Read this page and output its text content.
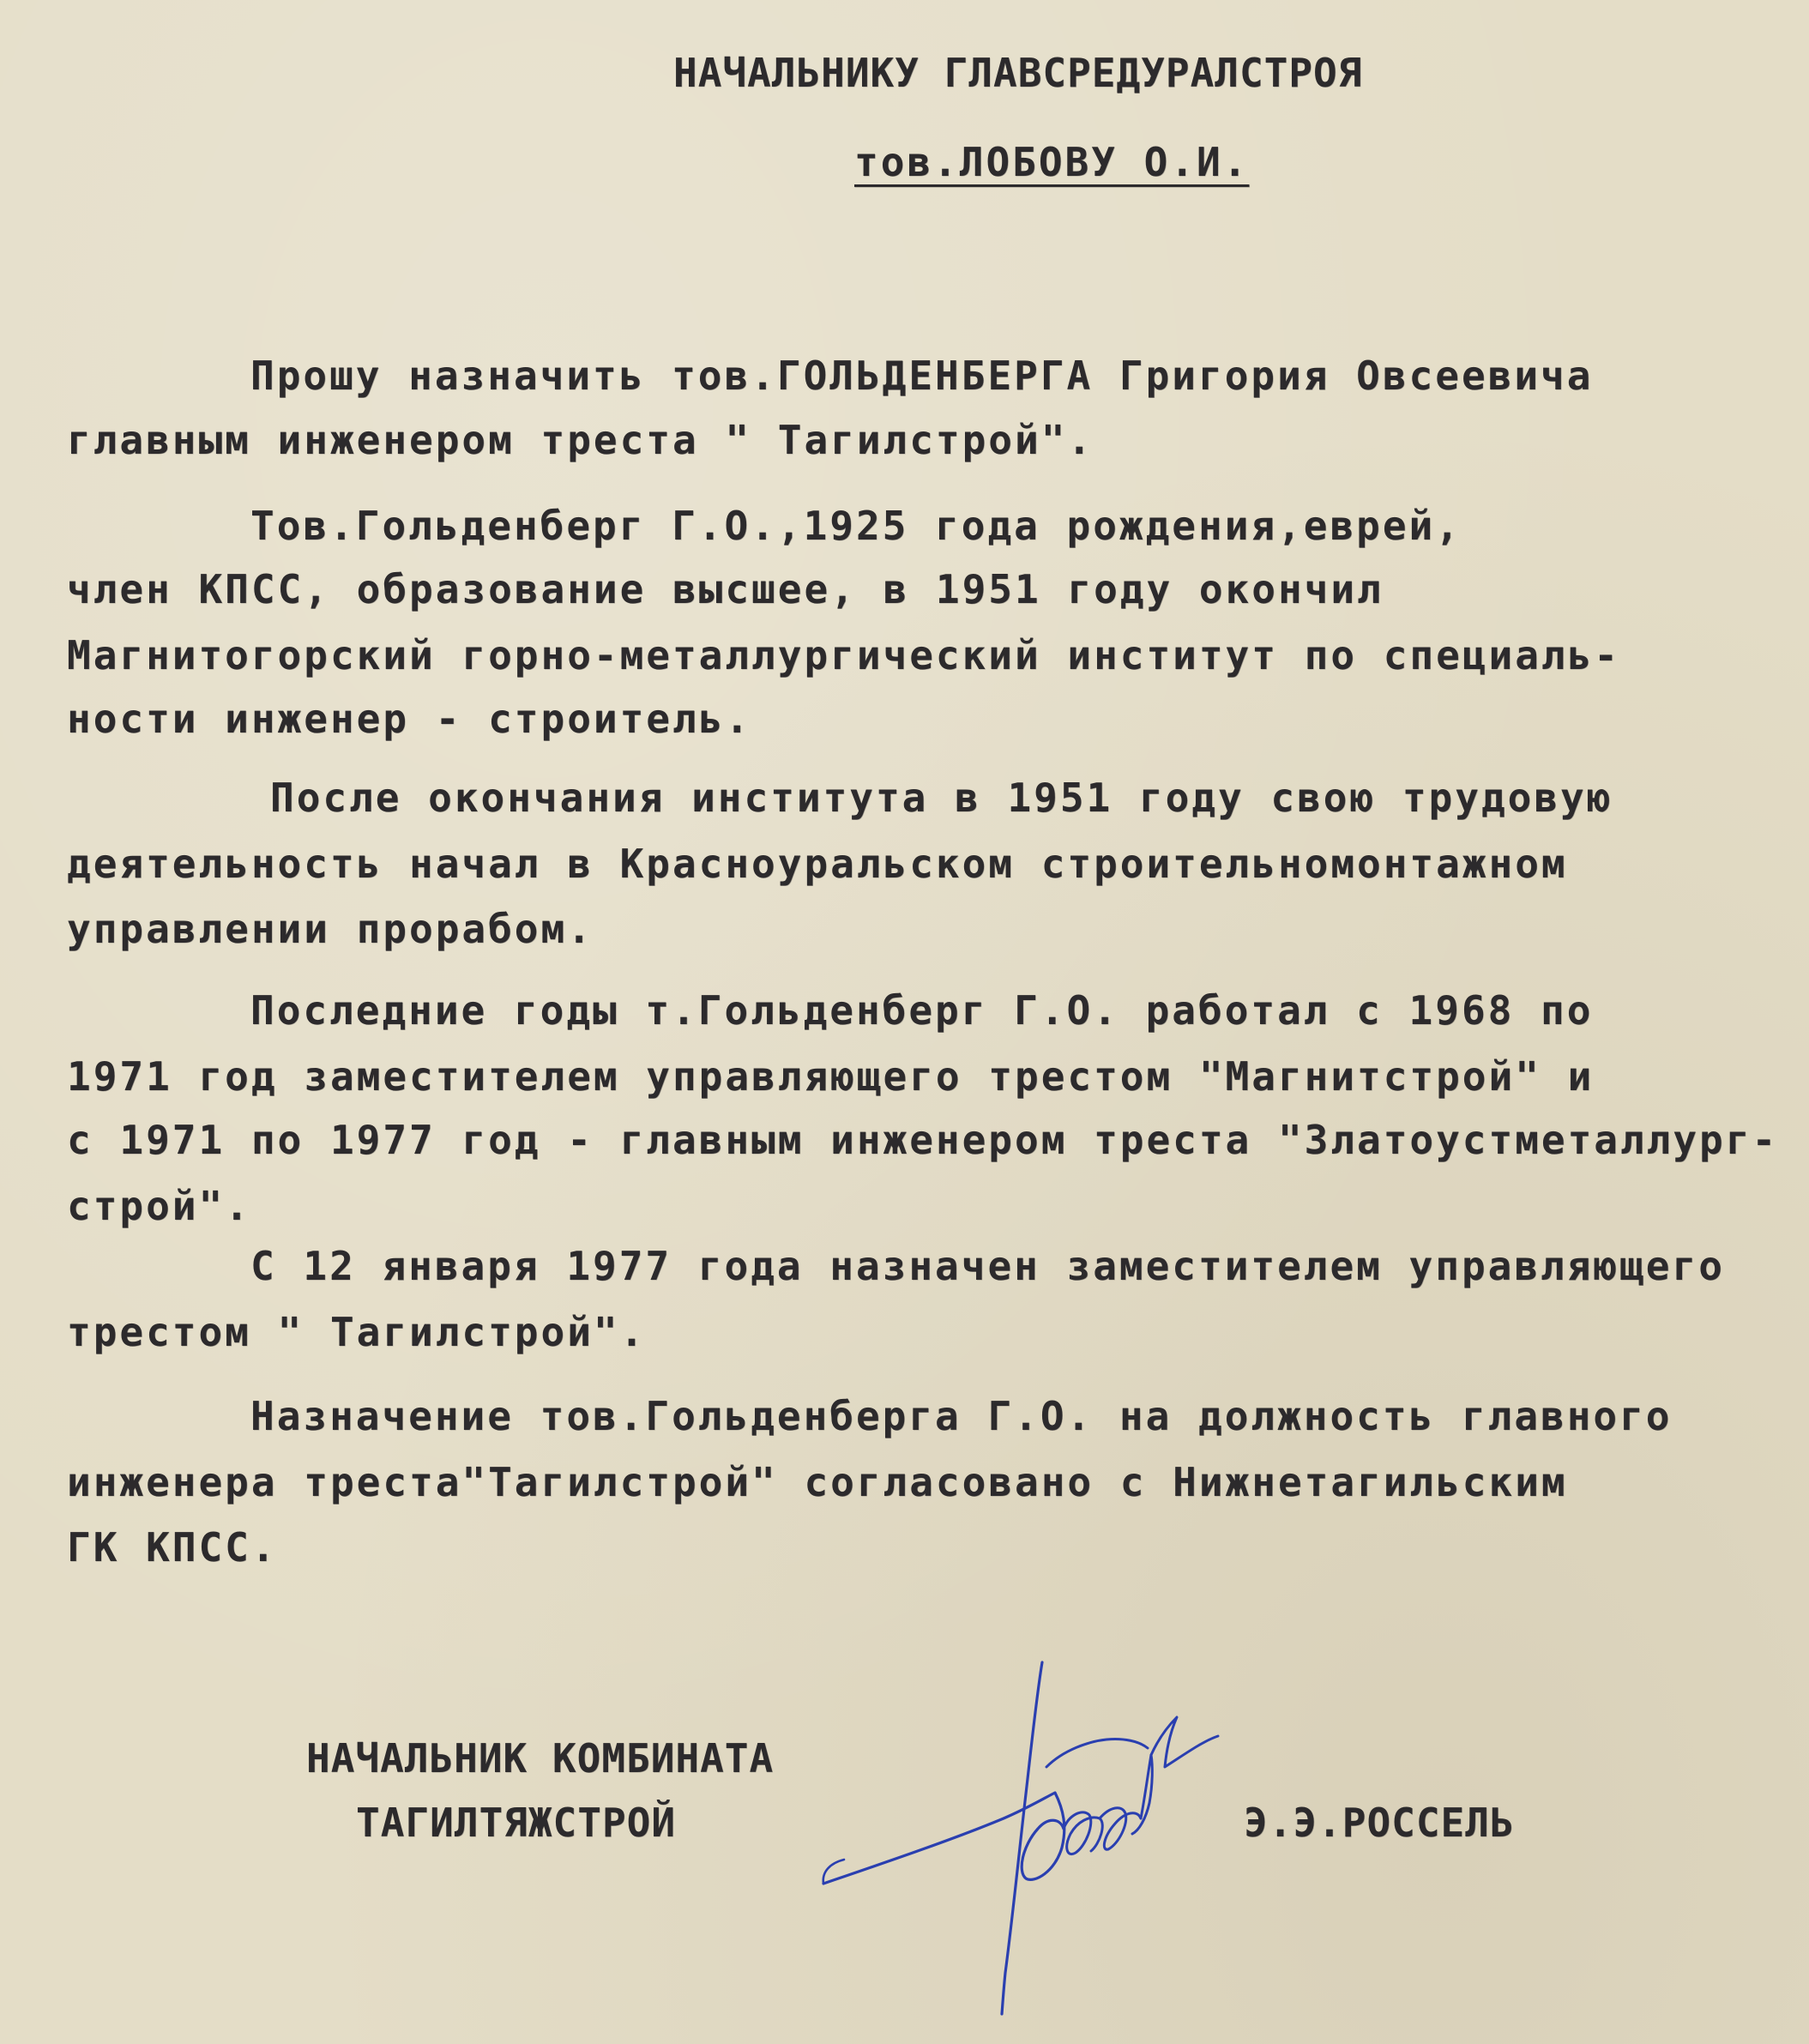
НАЧАЛЬНИКУ ГЛАВСРЕДУРАЛСТРОЯ

тов.ЛОБОВУ О.И.

Прошу назначить тов.ГОЛЬДЕНБЕРГА Григория Овсеевича

главным инженером треста " Тагилстрой".

Тов.Гольденберг Г.О.,1925 года рождения,еврей,

член КПСС, образование высшее, в 1951 году окончил

Магнитогорский горно-металлургический институт по специаль-

ности инженер - строитель.

После окончания института в 1951 году свою трудовую

деятельность начал в Красноуральском строительномонтажном

управлении прорабом.

Последние годы т.Гольденберг Г.О. работал с 1968 по

1971 год заместителем управляющего трестом "Магнитстрой" и

с 1971 по 1977 год - главным инженером треста "Златоустметаллург-

строй".

С 12 января 1977 года назначен заместителем управляющего

трестом " Тагилстрой".

Назначение тов.Гольденберга Г.О. на должность главного

инженера треста"Тагилстрой" согласовано с Нижнетагильским

ГК КПСС.

НАЧАЛЬНИК КОМБИНАТА

ТАГИЛТЯЖСТРОЙ	Э.Э.РОССЕЛЬ
